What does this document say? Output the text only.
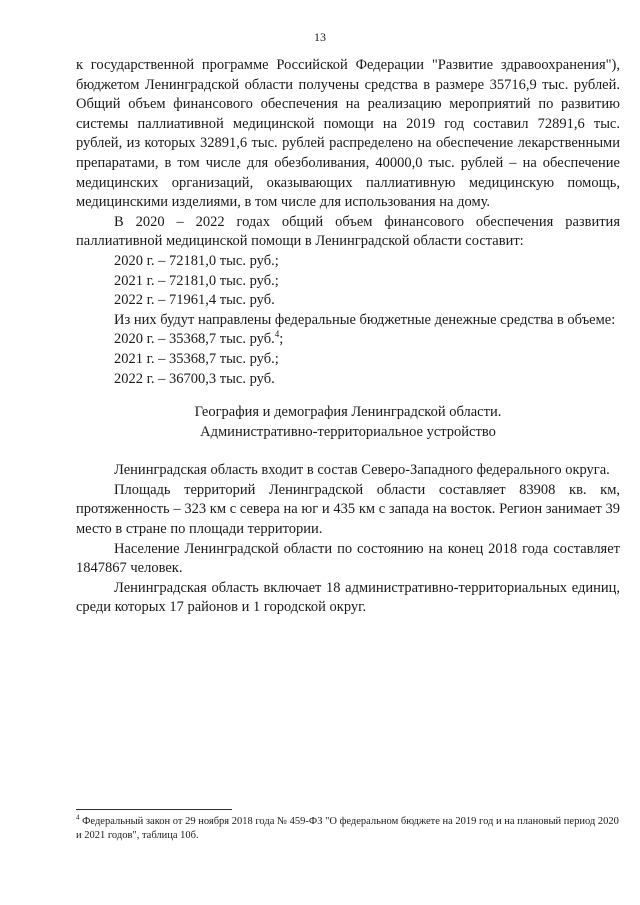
13

к государственной программе Российской Федерации "Развитие здравоохранения"), бюджетом Ленинградской области получены средства в размере 35716,9 тыс. рублей. Общий объем финансового обеспечения на реализацию мероприятий по развитию системы паллиативной медицинской помощи на 2019 год составил 72891,6 тыс. рублей, из которых 32891,6 тыс. рублей распределено на обеспечение лекарственными препаратами, в том числе для обезболивания, 40000,0 тыс. рублей – на обеспечение медицинских организаций, оказывающих паллиативную медицинскую помощь, медицинскими изделиями, в том числе для использования на дому.

В 2020 – 2022 годах общий объем финансового обеспечения развития паллиативной медицинской помощи в Ленинградской области составит:

2020 г. – 72181,0 тыс. руб.;

2021 г. – 72181,0 тыс. руб.;

2022 г. – 71961,4 тыс. руб.

Из них будут направлены федеральные бюджетные денежные средства в объеме:

2020 г. – 35368,7 тыс. руб.$^4$;

2021 г. – 35368,7 тыс. руб.;

2022 г. – 36700,3 тыс. руб.

География и демография Ленинградской области.
Административно-территориальное устройство

Ленинградская область входит в состав Северо-Западного федерального округа.

Площадь территорий Ленинградской области составляет 83908 кв. км, протяженность – 323 км с севера на юг и 435 км с запада на восток. Регион занимает 39 место в стране по площади территории.

Население Ленинградской области по состоянию на конец 2018 года составляет 1847867 человек.

Ленинградская область включает 18 административно-территориальных единиц, среди которых 17 районов и 1 городской округ.

$^4$ Федеральный закон от 29 ноября 2018 года № 459-ФЗ "О федеральном бюджете на 2019 год и на плановый период 2020 и 2021 годов", таблица 10б.
